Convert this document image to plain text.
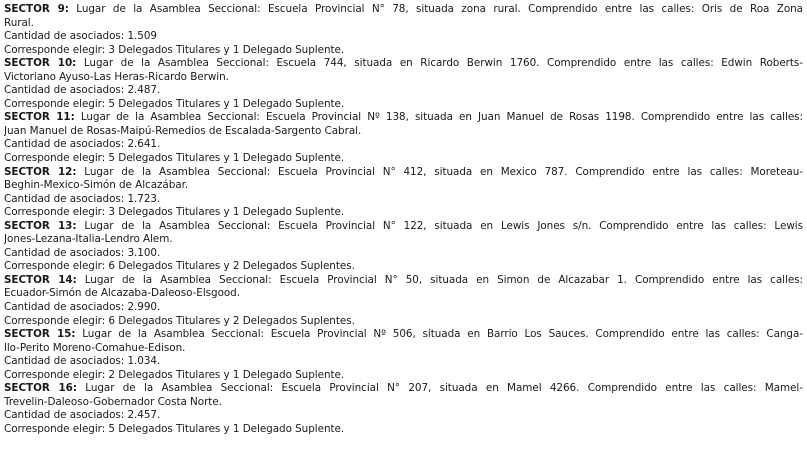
SECTOR 9: Lugar de la Asamblea Seccional: Escuela Provincial N° 78, situada zona rural. Comprendido entre las calles: Oris de Roa Zona
Rural.
Cantidad de asociados: 1.509
Corresponde elegir: 3 Delegados Titulares y 1 Delegado Suplente.
SECTOR 10: Lugar de la Asamblea Seccional: Escuela 744, situada en Ricardo Berwin 1760. Comprendido entre las calles: Edwin Roberts-
Victoriano Ayuso-Las Heras-Ricardo Berwin.
Cantidad de asociados: 2.487.
Corresponde elegir: 5 Delegados Titulares y 1 Delegado Suplente.
SECTOR 11: Lugar de la Asamblea Seccional: Escuela Provincial Nº 138, situada en Juan Manuel de Rosas 1198. Comprendido entre las calles:
Juan Manuel de Rosas-Maipú-Remedios de Escalada-Sargento Cabral.
Cantidad de asociados: 2.641.
Corresponde elegir: 5 Delegados Titulares y 1 Delegado Suplente.
SECTOR 12: Lugar de la Asamblea Seccional: Escuela Provincial N° 412, situada en Mexico 787. Comprendido entre las calles: Moreteau-
Beghin-Mexico-Simón de Alcazábar.
Cantidad de asociados: 1.723.
Corresponde elegir: 3 Delegados Titulares y 1 Delegado Suplente.
SECTOR 13: Lugar de la Asamblea Seccional: Escuela Provincial N° 122, situada en Lewis Jones s/n. Comprendido entre las calles: Lewis
Jones-Lezana-Italia-Lendro Alem.
Cantidad de asociados: 3.100.
Corresponde elegir: 6 Delegados Titulares y 2 Delegados Suplentes.
SECTOR 14: Lugar de la Asamblea Seccional: Escuela Provincial N° 50, situada en Simon de Alcazabar 1. Comprendido entre las calles:
Ecuador-Simón de Alcazaba-Daleoso-Elsgood.
Cantidad de asociados: 2.990.
Corresponde elegir: 6 Delegados Titulares y 2 Delegados Suplentes.
SECTOR 15: Lugar de la Asamblea Seccional: Escuela Provincial Nº 506, situada en Barrio Los Sauces. Comprendido entre las calles: Canga-
llo-Perito Moreno-Comahue-Edison.
Cantidad de asociados: 1.034.
Corresponde elegir: 2 Delegados Titulares y 1 Delegado Suplente.
SECTOR 16: Lugar de la Asamblea Seccional: Escuela Provincial N° 207, situada en Mamel 4266. Comprendido entre las calles: Mamel-
Trevelin-Daleoso-Gobernador Costa Norte.
Cantidad de asociados: 2.457.
Corresponde elegir: 5 Delegados Titulares y 1 Delegado Suplente.
